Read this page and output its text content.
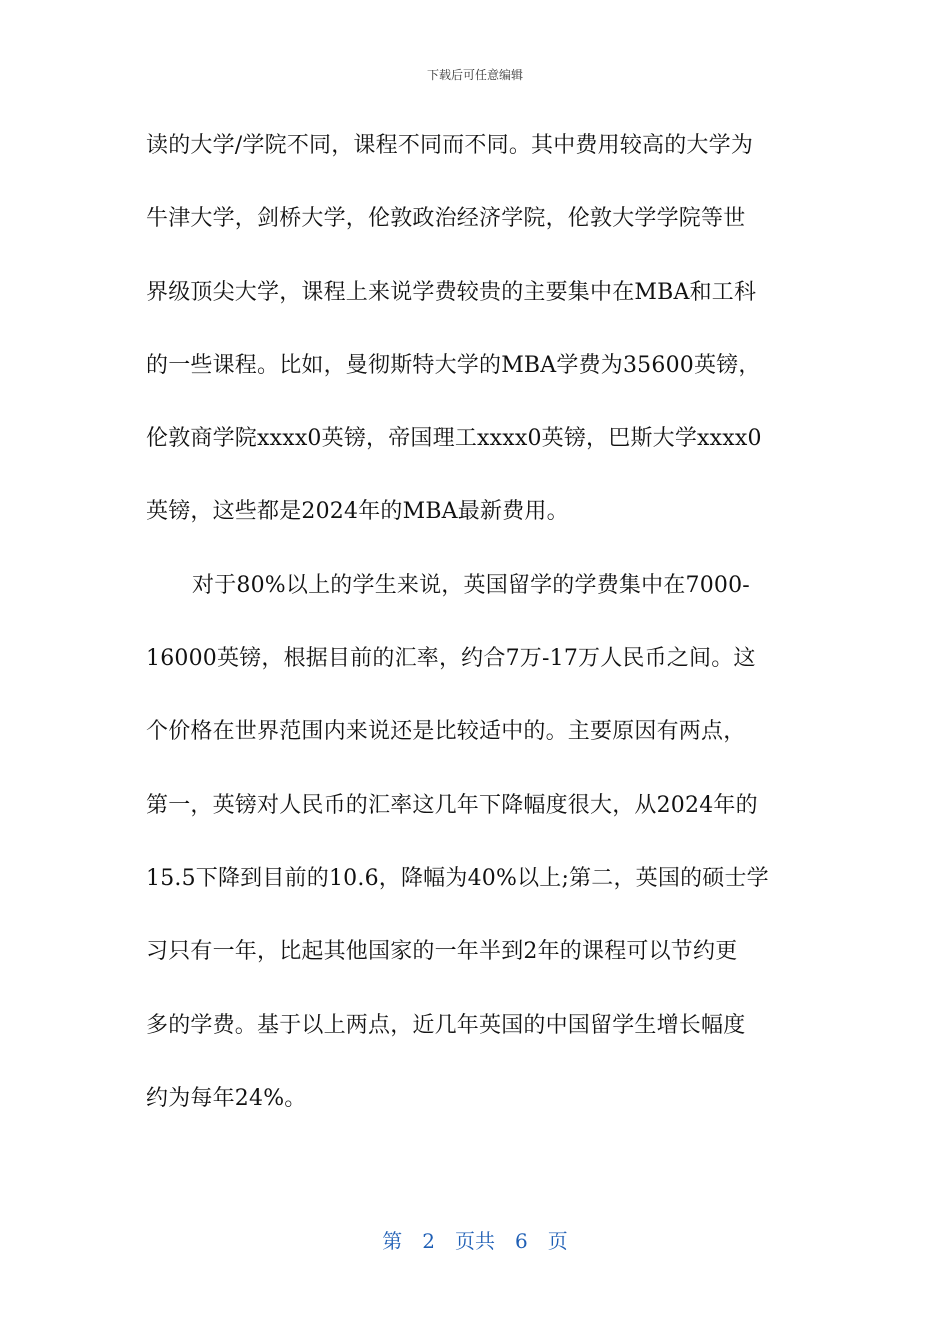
下载后可任意编辑
读的大学/学院不同，课程不同而不同。其中费用较高的大学为
牛津大学，剑桥大学，伦敦政治经济学院，伦敦大学学院等世
界级顶尖大学，课程上来说学费较贵的主要集中在MBA和工科
的一些课程。比如，曼彻斯特大学的MBA学费为35600英镑，
伦敦商学院xxxx0英镑，帝国理工xxxx0英镑，巴斯大学xxxx0
英镑，这些都是2024年的MBA最新费用。
对于80%以上的学生来说，英国留学的学费集中在7000-
16000英镑，根据目前的汇率，约合7万-17万人民币之间。这
个价格在世界范围内来说还是比较适中的。主要原因有两点，
第一，英镑对人民币的汇率这几年下降幅度很大，从2024年的
15.5下降到目前的10.6，降幅为40%以上;第二，英国的硕士学
习只有一年，比起其他国家的一年半到2年的课程可以节约更
多的学费。基于以上两点，近几年英国的中国留学生增长幅度
约为每年24%。
第 2 页共 6 页
